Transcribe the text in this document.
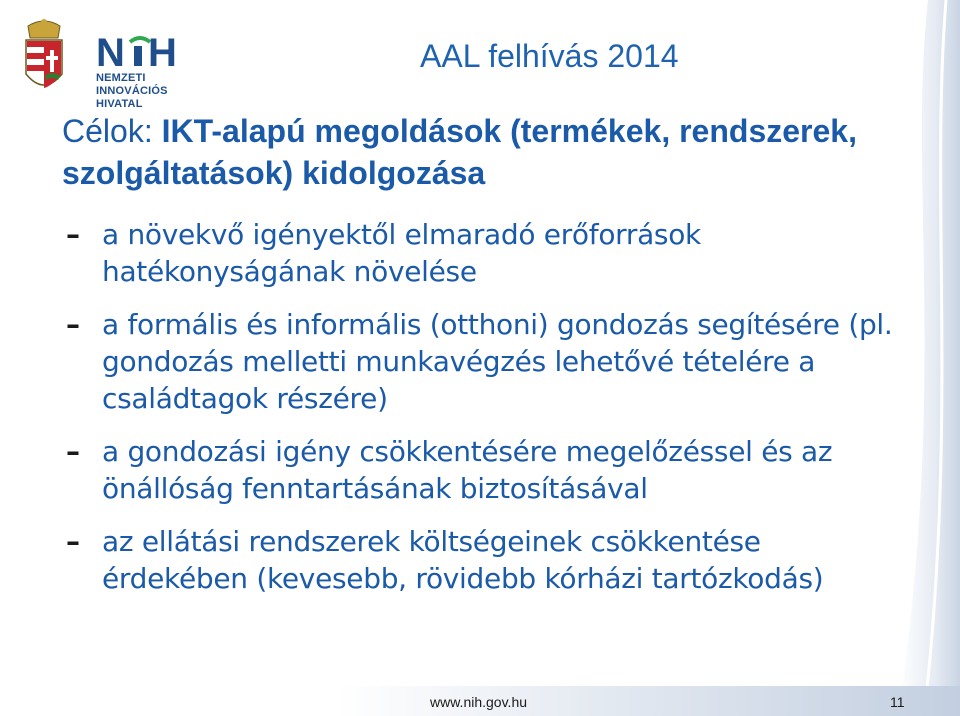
N H
NEMZETI INNOVÁCIÓS
HIVATAL
AAL felhívás 2014
Célok: IKT-alapú megoldások (termékek, rendszerek, szolgáltatások) kidolgozása
– a növekvő igényektől elmaradó erőforrások hatékonyságának növelése
– a formális és informális (otthoni) gondozás segítésére (pl. gondozás melletti munkavégzés lehetővé tételére a családtagok részére)
– a gondozási igény csökkentésére megelőzéssel és az önállóság fenntartásának biztosításával
– az ellátási rendszerek költségeinek csökkentése érdekében (kevesebb, rövidebb kórházi tartózkodás)
www.nih.gov.hu	11
